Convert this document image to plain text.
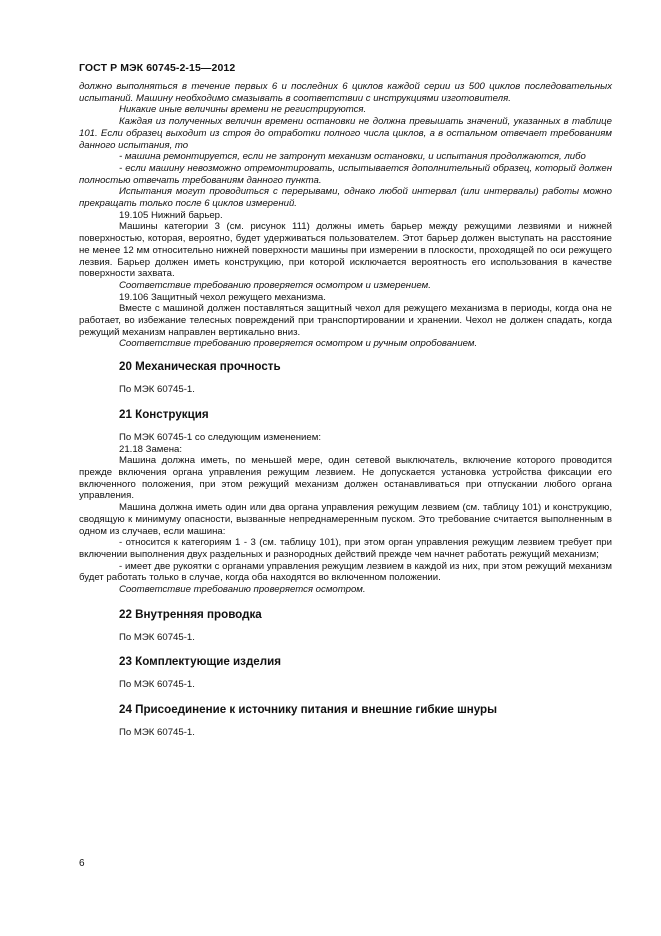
ГОСТ Р МЭК 60745-2-15—2012

должно выполняться в течение первых 6 и последних 6 циклов каждой серии из 500 циклов последовательных испытаний. Машину необходимо смазывать в соответствии с инструкциями изготовителя.

Никакие иные величины времени не регистрируются.

Каждая из полученных величин времени остановки не должна превышать значений, указанных в таблице 101. Если образец выходит из строя до отработки полного числа циклов, а в остальном отвечает требованиям данного испытания, то

- машина ремонтируется, если не затронут механизм остановки, и испытания продолжаются, либо

- если машину невозможно отремонтировать, испытывается дополнительный образец, который должен полностью отвечать требованиям данного пункта.

Испытания могут проводиться с перерывами, однако любой интервал (или интервалы) работы можно прекращать только после 6 циклов измерений.

19.105 Нижний барьер.

Машины категории 3 (см. рисунок 111) должны иметь барьер между режущими лезвиями и нижней поверхностью, которая, вероятно, будет удерживаться пользователем. Этот барьер должен выступать на расстояние не менее 12 мм относительно нижней поверхности машины при измерении в плоскости, проходящей по оси режущего лезвия. Барьер должен иметь конструкцию, при которой исключается вероятность его использования в качестве поверхности захвата.

Соответствие требованию проверяется осмотром и измерением.

19.106 Защитный чехол режущего механизма.

Вместе с машиной должен поставляться защитный чехол для режущего механизма в периоды, когда она не работает, во избежание телесных повреждений при транспортировании и хранении. Чехол не должен спадать, когда режущий механизм направлен вертикально вниз.

Соответствие требованию проверяется осмотром и ручным опробованием.

20 Механическая прочность

По МЭК 60745-1.

21 Конструкция

По МЭК 60745-1 со следующим изменением:

21.18 Замена:

Машина должна иметь, по меньшей мере, один сетевой выключатель, включение которого проводится прежде включения органа управления режущим лезвием. Не допускается установка устройства фиксации его включенного положения, при этом режущий механизм должен останавливаться при отпускании любого органа управления.

Машина должна иметь один или два органа управления режущим лезвием (см. таблицу 101) и конструкцию, сводящую к минимуму опасности, вызванные непреднамеренным пуском. Это требование считается выполненным в одном из случаев, если машина:

- относится к категориям 1 - 3 (см. таблицу 101), при этом орган управления режущим лезвием требует при включении выполнения двух раздельных и разнородных действий прежде чем начнет работать режущий механизм;

- имеет две рукоятки с органами управления режущим лезвием в каждой из них, при этом режущий механизм будет работать только в случае, когда оба находятся во включенном положении.

Соответствие требованию проверяется осмотром.

22 Внутренняя проводка

По МЭК 60745-1.

23 Комплектующие изделия

По МЭК 60745-1.

24 Присоединение к источнику питания и внешние гибкие шнуры

По МЭК 60745-1.

6
